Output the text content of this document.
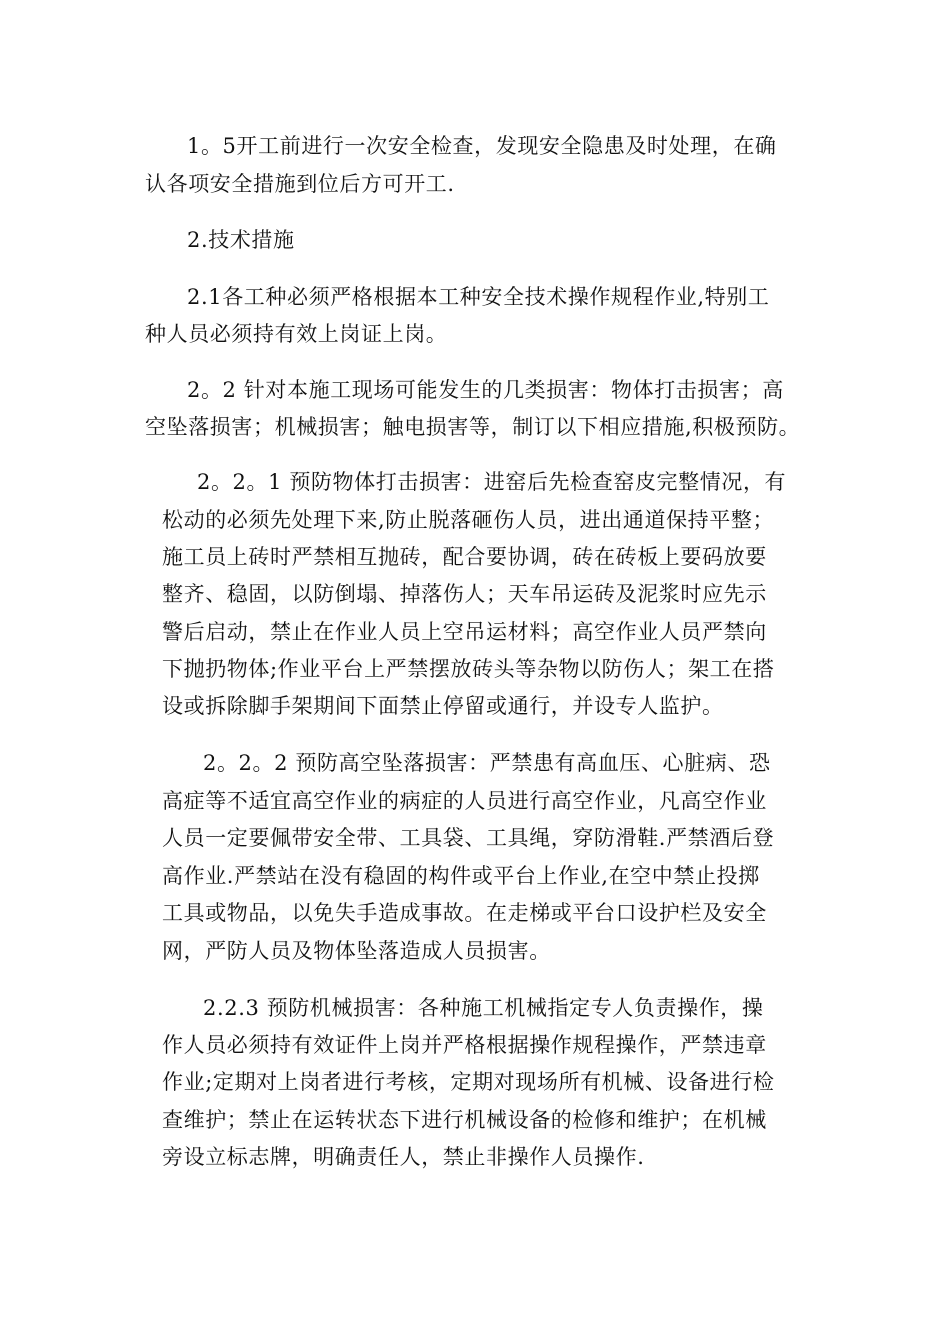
1。5开工前进行一次安全检查，发现安全隐患及时处理，在确
认各项安全措施到位后方可开工.
2.技术措施
2.1各工种必须严格根据本工种安全技术操作规程作业,特别工
种人员必须持有效上岗证上岗。
2。2 针对本施工现场可能发生的几类损害：物体打击损害；高
空坠落损害；机械损害；触电损害等，制订以下相应措施,积极预防。
2。2。1 预防物体打击损害：进窑后先检查窑皮完整情况，有
松动的必须先处理下来,防止脱落砸伤人员，进出通道保持平整；
施工员上砖时严禁相互抛砖，配合要协调，砖在砖板上要码放要
整齐、稳固，以防倒塌、掉落伤人；天车吊运砖及泥浆时应先示
警后启动，禁止在作业人员上空吊运材料；高空作业人员严禁向
下抛扔物体;作业平台上严禁摆放砖头等杂物以防伤人；架工在搭
设或拆除脚手架期间下面禁止停留或通行，并设专人监护。
2。2。2 预防高空坠落损害：严禁患有高血压、心脏病、恐
高症等不适宜高空作业的病症的人员进行高空作业，凡高空作业
人员一定要佩带安全带、工具袋、工具绳，穿防滑鞋.严禁酒后登
高作业.严禁站在没有稳固的构件或平台上作业,在空中禁止投掷
工具或物品，以免失手造成事故。在走梯或平台口设护栏及安全
网，严防人员及物体坠落造成人员损害。
2.2.3 预防机械损害：各种施工机械指定专人负责操作，操
作人员必须持有效证件上岗并严格根据操作规程操作，严禁违章
作业;定期对上岗者进行考核，定期对现场所有机械、设备进行检
查维护；禁止在运转状态下进行机械设备的检修和维护；在机械
旁设立标志牌，明确责任人，禁止非操作人员操作.
